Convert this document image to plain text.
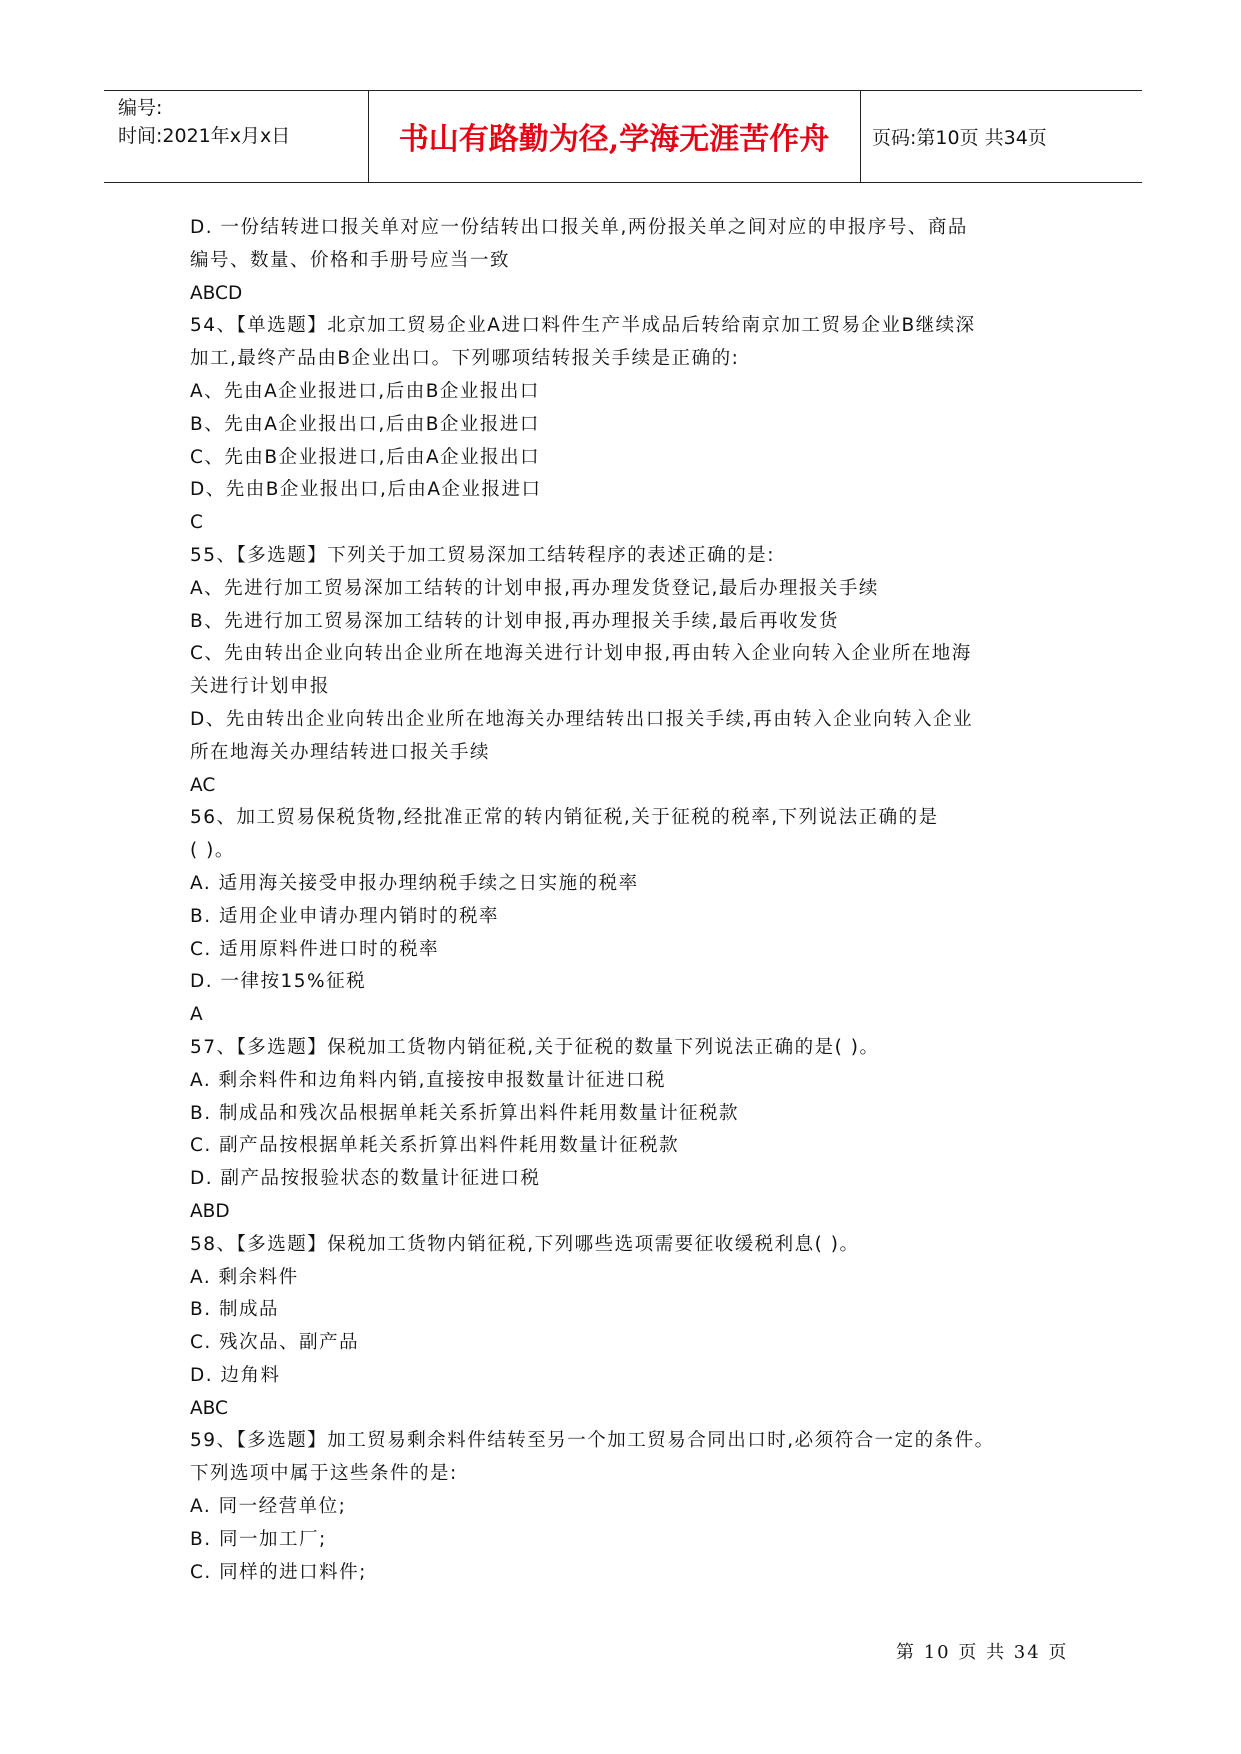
编号:
时间:2021年x月x日	书山有路勤为径,学海无涯苦作舟	页码:第10页 共34页
D. 一份结转进口报关单对应一份结转出口报关单,两份报关单之间对应的申报序号、商品
编号、数量、价格和手册号应当一致
ABCD
54、【单选题】北京加工贸易企业A进口料件生产半成品后转给南京加工贸易企业B继续深
加工,最终产品由B企业出口。下列哪项结转报关手续是正确的:
A、先由A企业报进口,后由B企业报出口
B、先由A企业报出口,后由B企业报进口
C、先由B企业报进口,后由A企业报出口
D、先由B企业报出口,后由A企业报进口
C
55、【多选题】下列关于加工贸易深加工结转程序的表述正确的是:
A、先进行加工贸易深加工结转的计划申报,再办理发货登记,最后办理报关手续
B、先进行加工贸易深加工结转的计划申报,再办理报关手续,最后再收发货
C、先由转出企业向转出企业所在地海关进行计划申报,再由转入企业向转入企业所在地海
关进行计划申报
D、先由转出企业向转出企业所在地海关办理结转出口报关手续,再由转入企业向转入企业
所在地海关办理结转进口报关手续
AC
56、加工贸易保税货物,经批准正常的转内销征税,关于征税的税率,下列说法正确的是
( )。
A. 适用海关接受申报办理纳税手续之日实施的税率
B. 适用企业申请办理内销时的税率
C. 适用原料件进口时的税率
D. 一律按15%征税
A
57、【多选题】保税加工货物内销征税,关于征税的数量下列说法正确的是( )。
A. 剩余料件和边角料内销,直接按申报数量计征进口税
B. 制成品和残次品根据单耗关系折算出料件耗用数量计征税款
C. 副产品按根据单耗关系折算出料件耗用数量计征税款
D. 副产品按报验状态的数量计征进口税
ABD
58、【多选题】保税加工货物内销征税,下列哪些选项需要征收缓税利息( )。
A. 剩余料件
B. 制成品
C. 残次品、副产品
D. 边角料
ABC
59、【多选题】加工贸易剩余料件结转至另一个加工贸易合同出口时,必须符合一定的条件。
下列选项中属于这些条件的是:
A. 同一经营单位;
B. 同一加工厂;
C. 同样的进口料件;
第 10 页 共 34 页
